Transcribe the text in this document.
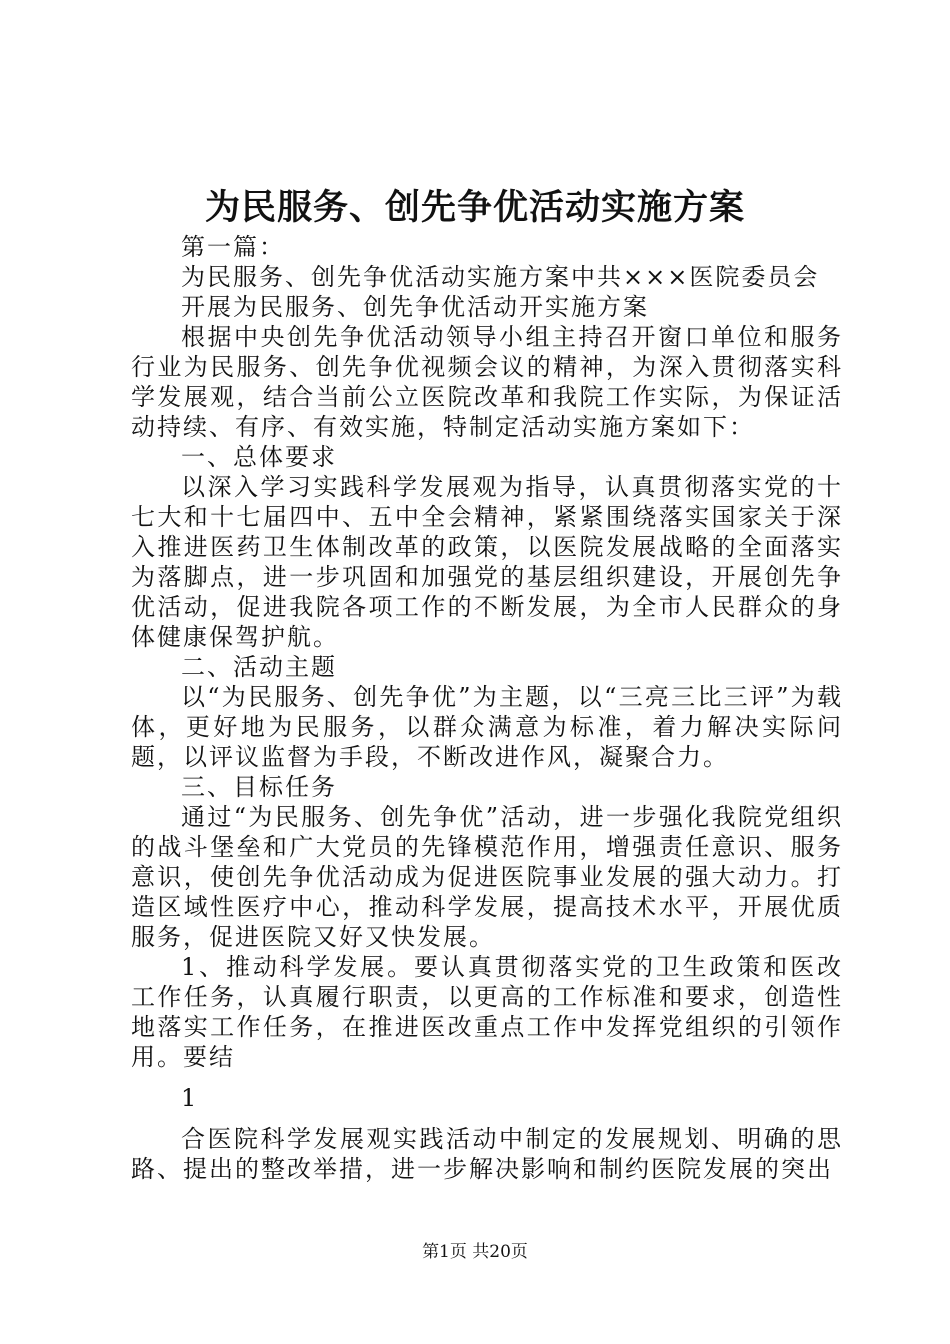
为民服务、创先争优活动实施方案

第一篇：

为民服务、创先争优活动实施方案中共×××医院委员会

开展为民服务、创先争优活动开实施方案

根据中央创先争优活动领导小组主持召开窗口单位和服务行业为民服务、创先争优视频会议的精神，为深入贯彻落实科学发展观，结合当前公立医院改革和我院工作实际，为保证活动持续、有序、有效实施，特制定活动实施方案如下：

一、总体要求

以深入学习实践科学发展观为指导，认真贯彻落实党的十七大和十七届四中、五中全会精神，紧紧围绕落实国家关于深入推进医药卫生体制改革的政策，以医院发展战略的全面落实为落脚点，进一步巩固和加强党的基层组织建设，开展创先争优活动，促进我院各项工作的不断发展，为全市人民群众的身体健康保驾护航。

二、活动主题

以“为民服务、创先争优”为主题，以“三亮三比三评”为载体，更好地为民服务，以群众满意为标准，着力解决实际问题，以评议监督为手段，不断改进作风，凝聚合力。

三、目标任务

通过“为民服务、创先争优”活动，进一步强化我院党组织的战斗堡垒和广大党员的先锋模范作用，增强责任意识、服务意识，使创先争优活动成为促进医院事业发展的强大动力。打造区域性医疗中心，推动科学发展，提高技术水平，开展优质服务，促进医院又好又快发展。

1、推动科学发展。要认真贯彻落实党的卫生政策和医改工作任务，认真履行职责，以更高的工作标准和要求，创造性地落实工作任务，在推进医改重点工作中发挥党组织的引领作用。要结

1

合医院科学发展观实践活动中制定的发展规划、明确的思路、提出的整改举措，进一步解决影响和制约医院发展的突出

第1页 共20页
